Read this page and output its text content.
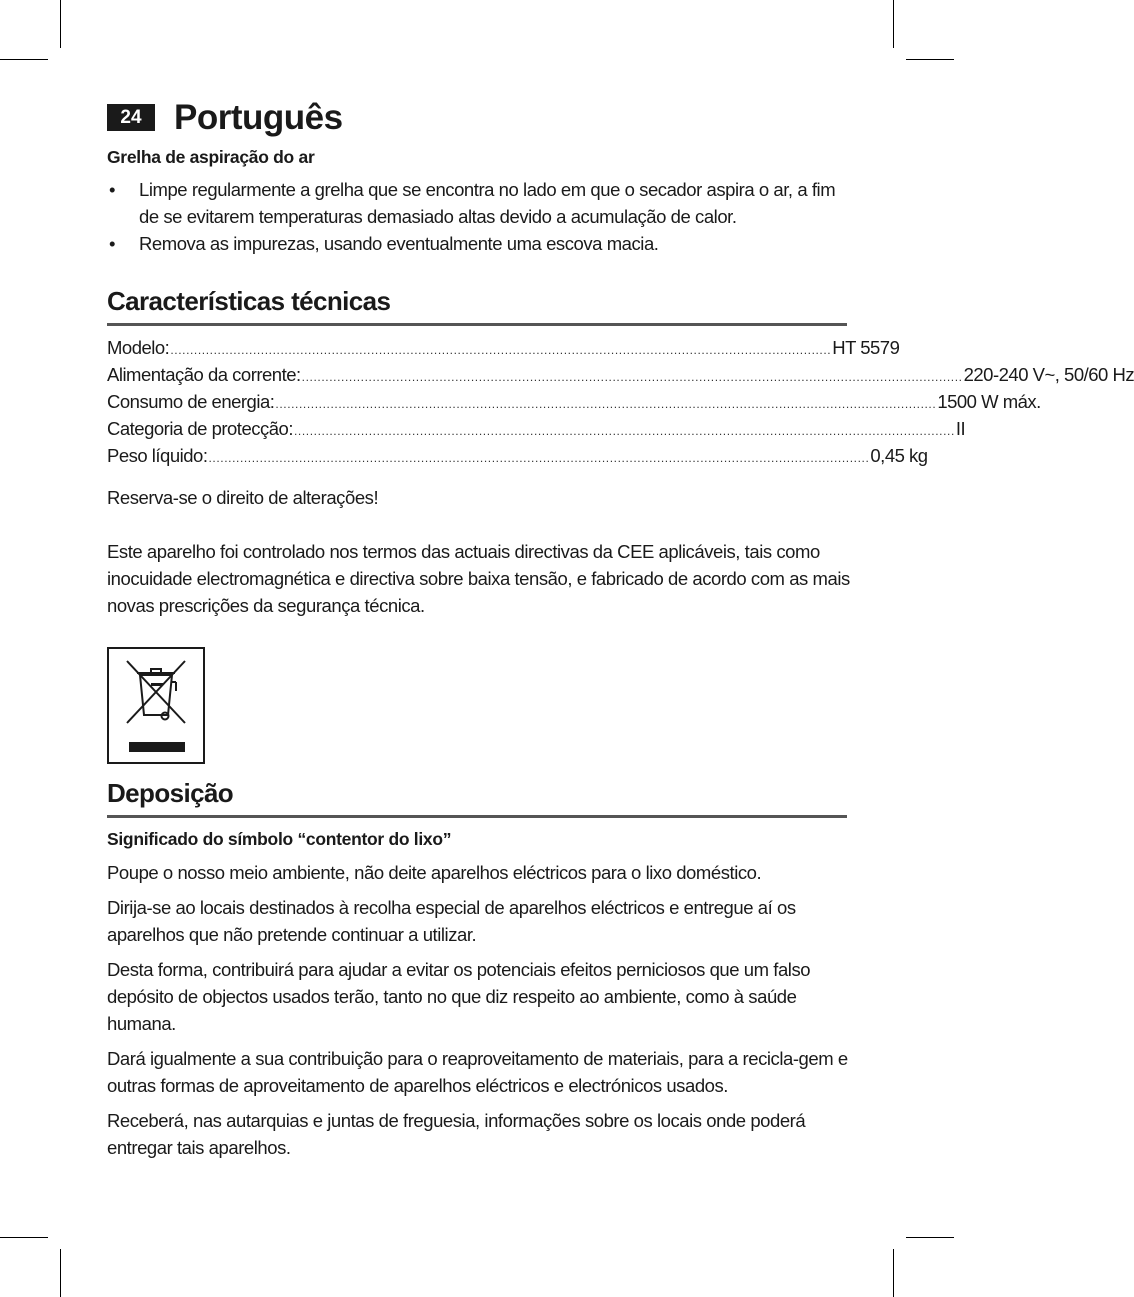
24 Português
Grelha de aspiração do ar
• Limpe regularmente a grelha que se encontra no lado em que o secador aspira o ar, a fim de se evitarem temperaturas demasiado altas devido a acumulação de calor.
• Remova as impurezas, usando eventualmente uma escova macia.
Características técnicas
Modelo: ........................................................................................................................................................................ HT 5579
Alimentação da corrente: ........................................................................................................................................................................ 220-240 V~, 50/60 Hz
Consumo de energia: ........................................................................................................................................................................ 1500 W máx.
Categoria de protecção: ........................................................................................................................................................................ II
Peso líquido: ........................................................................................................................................................................ 0,45 kg

Reserva-se o direito de alterações!

Este aparelho foi controlado nos termos das actuais directivas da CEE aplicáveis, tais como inocuidade electromagnética e directiva sobre baixa tensão, e fabricado de acordo com as mais novas prescrições da segurança técnica.

Deposição
Significado do símbolo “contentor do lixo”

Poupe o nosso meio ambiente, não deite aparelhos eléctricos para o lixo doméstico.

Dirija-se ao locais destinados à recolha especial de aparelhos eléctricos e entregue aí os aparelhos que não pretende continuar a utilizar.

Desta forma, contribuirá para ajudar a evitar os potenciais efeitos perniciosos que um falso depósito de objectos usados terão, tanto no que diz respeito ao ambiente, como à saúde humana.

Dará igualmente a sua contribuição para o reaproveitamento de materiais, para a recicla-gem e outras formas de aproveitamento de aparelhos eléctricos e electrónicos usados.

Receberá, nas autarquias e juntas de freguesia, informações sobre os locais onde poderá entregar tais aparelhos.
